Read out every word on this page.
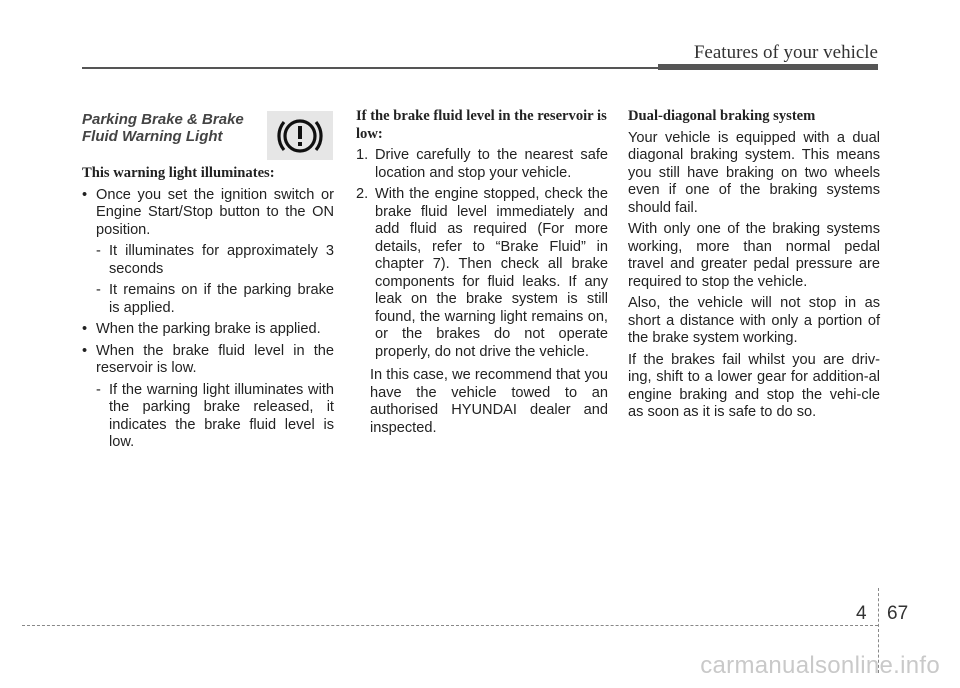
Features of your vehicle
Parking Brake & Brake Fluid Warning Light

This warning light illuminates:

• Once you set the ignition switch or Engine Start/Stop button to the ON position.
- It illuminates for approximately 3 seconds
- It remains on if the parking brake is applied.
• When the parking brake is applied.
• When the brake fluid level in the reservoir is low.
- If the warning light illuminates with the parking brake released, it indicates the brake fluid level is low.

If the brake fluid level in the reservoir is low:

1. Drive carefully to the nearest safe location and stop your vehicle.
2. With the engine stopped, check the brake fluid level immediately and add fluid as required (For more details, refer to “Brake Fluid” in chapter 7). Then check all brake components for fluid leaks. If any leak on the brake system is still found, the warning light remains on, or the brakes do not operate properly, do not drive the vehicle.

In this case, we recommend that you have the vehicle towed to an authorised HYUNDAI dealer and inspected.

Dual-diagonal braking system

Your vehicle is equipped with a dual diagonal braking system. This means you still have braking on two wheels even if one of the braking systems should fail.

With only one of the braking systems working, more than normal pedal travel and greater pedal pressure are required to stop the vehicle.

Also, the vehicle will not stop in as short a distance with only a portion of the brake system working.

If the brakes fail whilst you are driv-ing, shift to a lower gear for addition-al engine braking and stop the vehi-cle as soon as it is safe to do so.

4 67
carmanualsonline.info
